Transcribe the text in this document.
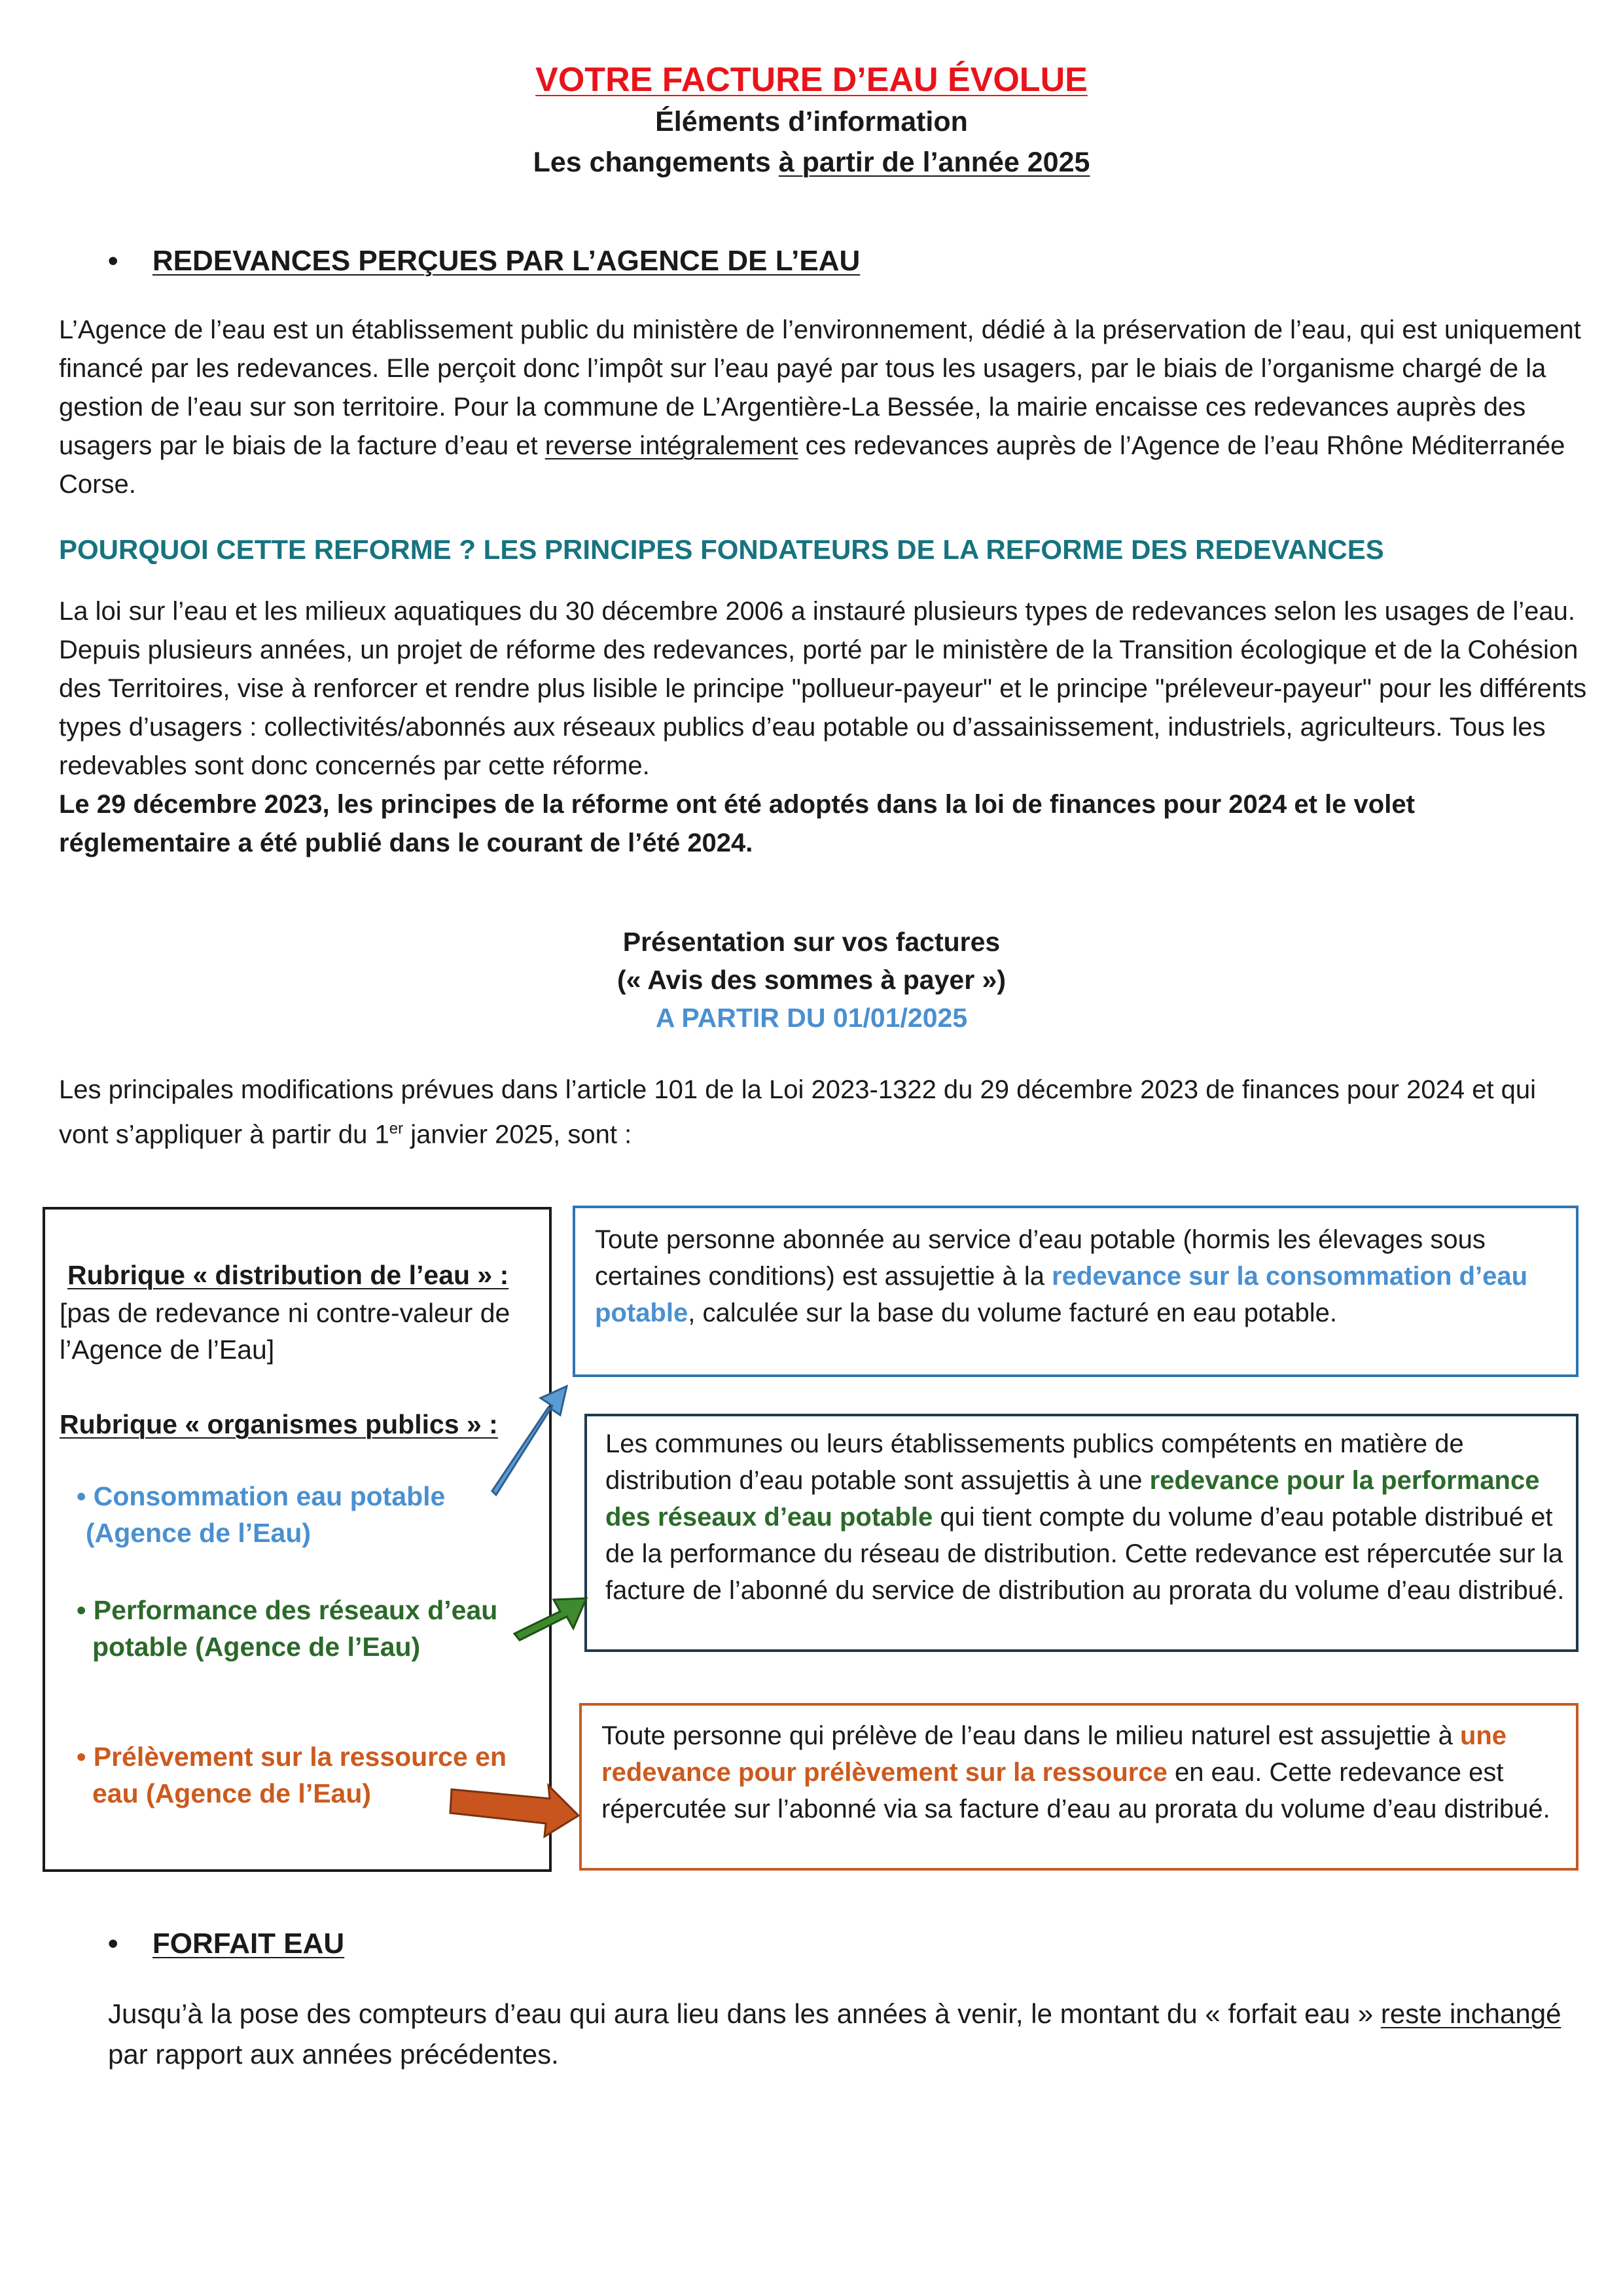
VOTRE FACTURE D’EAU ÉVOLUE
Éléments d’information
Les changements à partir de l’année 2025
• REDEVANCES PERÇUES PAR L’AGENCE DE L’EAU
L’Agence de l’eau est un établissement public du ministère de l’environnement, dédié à la préservation de l’eau, qui est uniquement financé par les redevances. Elle perçoit donc l’impôt sur l’eau payé par tous les usagers, par le biais de l’organisme chargé de la gestion de l’eau sur son territoire. Pour la commune de L’Argentière-La Bessée, la mairie encaisse ces redevances auprès des usagers par le biais de la facture d’eau et reverse intégralement ces redevances auprès de l’Agence de l’eau Rhône Méditerranée Corse.
POURQUOI CETTE REFORME ? LES PRINCIPES FONDATEURS DE LA REFORME DES REDEVANCES
La loi sur l’eau et les milieux aquatiques du 30 décembre 2006 a instauré plusieurs types de redevances selon les usages de l’eau.
Depuis plusieurs années, un projet de réforme des redevances, porté par le ministère de la Transition écologique et de la Cohésion des Territoires, vise à renforcer et rendre plus lisible le principe "pollueur-payeur" et le principe "préleveur-payeur" pour les différents types d’usagers : collectivités/abonnés aux réseaux publics d’eau potable ou d’assainissement, industriels, agriculteurs. Tous les redevables sont donc concernés par cette réforme.
Le 29 décembre 2023, les principes de la réforme ont été adoptés dans la loi de finances pour 2024 et le volet réglementaire a été publié dans le courant de l’été 2024.
Présentation sur vos factures
(« Avis des sommes à payer »)
A PARTIR DU 01/01/2025
Les principales modifications prévues dans l’article 101 de la Loi 2023-1322 du 29 décembre 2023 de finances pour 2024 et qui vont s’appliquer à partir du 1er janvier 2025, sont :
Rubrique « distribution de l’eau » :
[pas de redevance ni contre-valeur de l’Agence de l’Eau]
Rubrique « organismes publics » :
• Consommation eau potable
(Agence de l’Eau)
• Performance des réseaux d’eau
potable (Agence de l’Eau)
• Prélèvement sur la ressource en
eau (Agence de l’Eau)
Toute personne abonnée au service d’eau potable (hormis les élevages sous certaines conditions) est assujettie à la redevance sur la consommation d’eau potable, calculée sur la base du volume facturé en eau potable.
Les communes ou leurs établissements publics compétents en matière de distribution d’eau potable sont assujettis à une redevance pour la performance des réseaux d’eau potable qui tient compte du volume d’eau potable distribué et de la performance du réseau de distribution. Cette redevance est répercutée sur la facture de l’abonné du service de distribution au prorata du volume d’eau distribué.
Toute personne qui prélève de l’eau dans le milieu naturel est assujettie à une redevance pour prélèvement sur la ressource en eau. Cette redevance est répercutée sur l’abonné via sa facture d’eau au prorata du volume d’eau distribué.
• FORFAIT EAU
Jusqu’à la pose des compteurs d’eau qui aura lieu dans les années à venir, le montant du « forfait eau » reste inchangé par rapport aux années précédentes.
